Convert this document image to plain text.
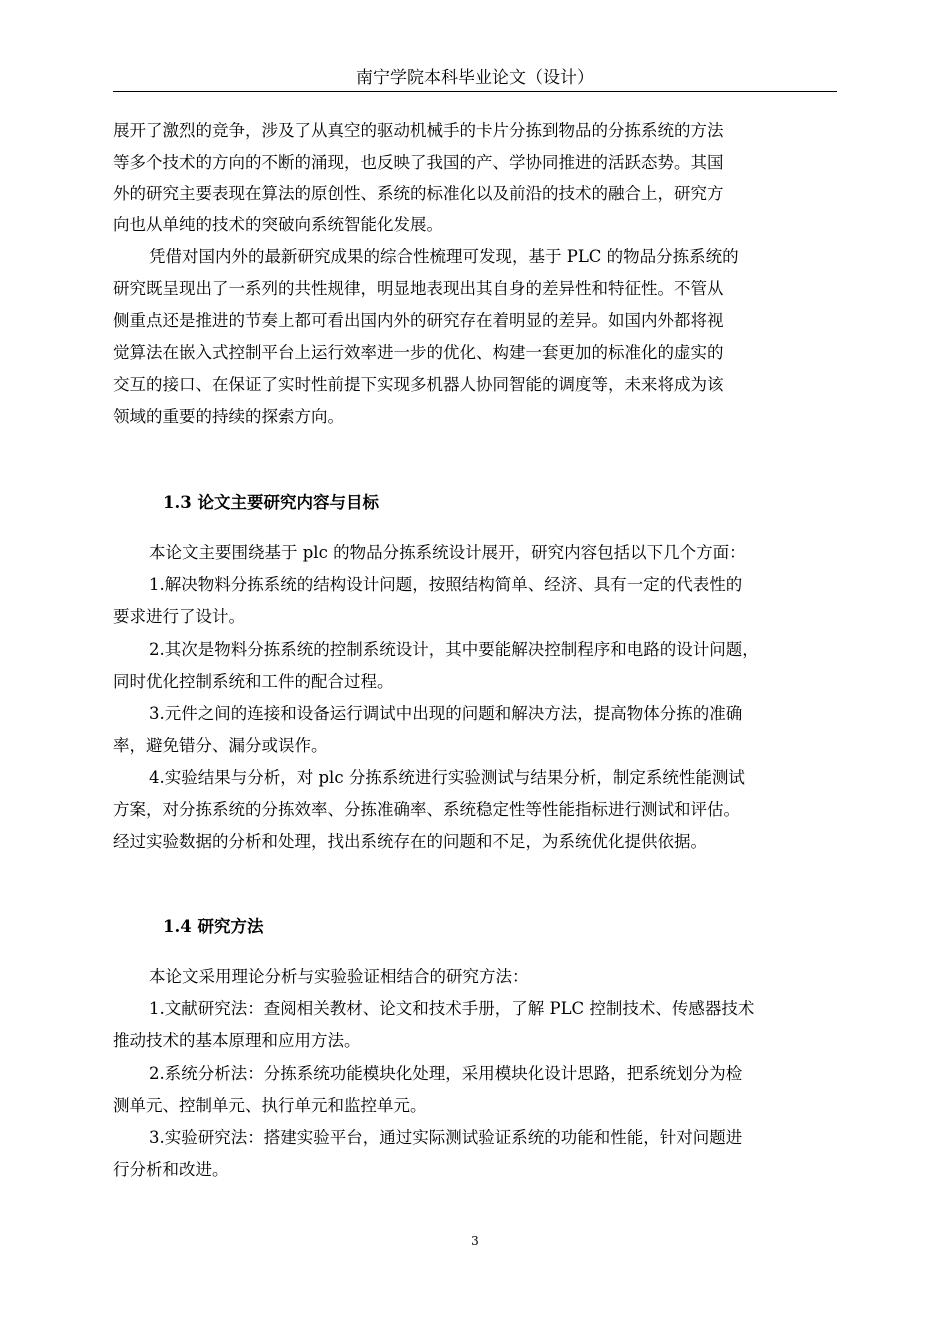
南宁学院本科毕业论文（设计）
展开了激烈的竞争，涉及了从真空的驱动机械手的卡片分拣到物品的分拣系统的方法
等多个技术的方向的不断的涌现，也反映了我国的产、学协同推进的活跃态势。其国
外的研究主要表现在算法的原创性、系统的标准化以及前沿的技术的融合上，研究方
向也从单纯的技术的突破向系统智能化发展。
凭借对国内外的最新研究成果的综合性梳理可发现，基于 PLC 的物品分拣系统的
研究既呈现出了一系列的共性规律，明显地表现出其自身的差异性和特征性。不管从
侧重点还是推进的节奏上都可看出国内外的研究存在着明显的差异。如国内外都将视
觉算法在嵌入式控制平台上运行效率进一步的优化、构建一套更加的标准化的虚实的
交互的接口、在保证了实时性前提下实现多机器人协同智能的调度等，未来将成为该
领域的重要的持续的探索方向。
1.3 论文主要研究内容与目标
本论文主要围绕基于 plc 的物品分拣系统设计展开，研究内容包括以下几个方面：
1.解决物料分拣系统的结构设计问题，按照结构简单、经济、具有一定的代表性的
要求进行了设计。
2.其次是物料分拣系统的控制系统设计，其中要能解决控制程序和电路的设计问题，
同时优化控制系统和工件的配合过程。
3.元件之间的连接和设备运行调试中出现的问题和解决方法，提高物体分拣的准确
率，避免错分、漏分或误作。
4.实验结果与分析，对 plc 分拣系统进行实验测试与结果分析，制定系统性能测试
方案，对分拣系统的分拣效率、分拣准确率、系统稳定性等性能指标进行测试和评估。
经过实验数据的分析和处理，找出系统存在的问题和不足，为系统优化提供依据。
1.4 研究方法
本论文采用理论分析与实验验证相结合的研究方法：
1.文献研究法：查阅相关教材、论文和技术手册，了解 PLC 控制技术、传感器技术
推动技术的基本原理和应用方法。
2.系统分析法：分拣系统功能模块化处理，采用模块化设计思路，把系统划分为检
测单元、控制单元、执行单元和监控单元。
3.实验研究法：搭建实验平台，通过实际测试验证系统的功能和性能，针对问题进
行分析和改进。
3
